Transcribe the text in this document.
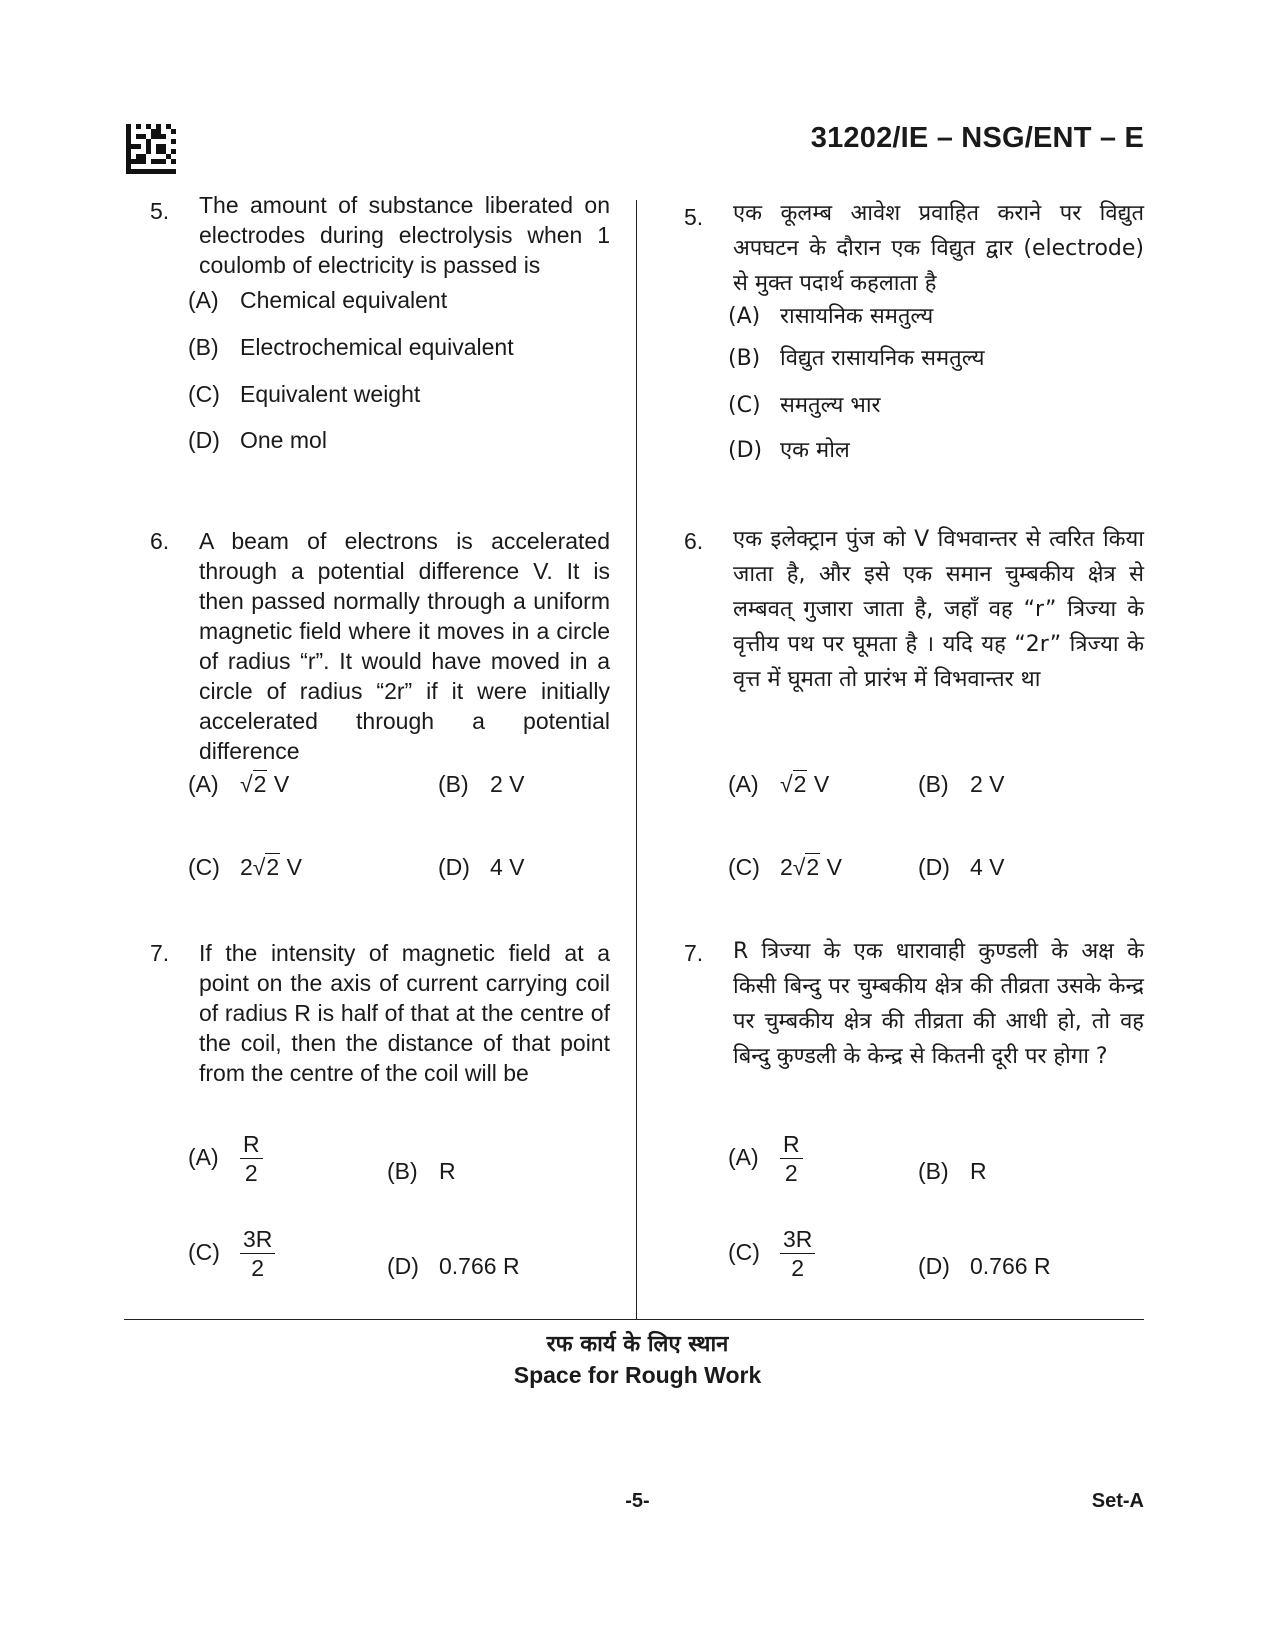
31202/IE – NSG/ENT – E
5. The amount of substance liberated on electrodes during electrolysis when 1 coulomb of electricity is passed is
(A) Chemical equivalent
(B) Electrochemical equivalent
(C) Equivalent weight
(D) One mol
6. A beam of electrons is accelerated through a potential difference V. It is then passed normally through a uniform magnetic field where it moves in a circle of radius “r”. It would have moved in a circle of radius “2r” if it were initially accelerated through a potential difference
(A) √2 V	(B) 2 V
(C) 2√2 V	(D) 4 V
7. If the intensity of magnetic field at a point on the axis of current carrying coil of radius R is half of that at the centre of the coil, then the distance of that point from the centre of the coil will be
$(A) \frac{R}{2}$	(B) R
$(C) \frac{3R}{2}$	(D) 0.766 R
5. एक कूलम्ब आवेश प्रवाहित कराने पर विद्युत अपघटन के दौरान एक विद्युत द्वार (electrode) से मुक्त पदार्थ कहलाता है
(A) रासायनिक समतुल्य
(B) विद्युत रासायनिक समतुल्य
(C) समतुल्य भार
(D) एक मोल
6. एक इलेक्ट्रान पुंज को V विभवान्तर से त्वरित किया जाता है, और इसे एक समान चुम्बकीय क्षेत्र से लम्बवत् गुजारा जाता है, जहाँ वह “r” त्रिज्या के वृत्तीय पथ पर घूमता है । यदि यह “2r” त्रिज्या के वृत्त में घूमता तो प्रारंभ में विभवान्तर था
(A) √2 V	(B) 2 V
(C) 2√2 V	(D) 4 V
7. R त्रिज्या के एक धारावाही कुण्डली के अक्ष के किसी बिन्दु पर चुम्बकीय क्षेत्र की तीव्रता उसके केन्द्र पर चुम्बकीय क्षेत्र की तीव्रता की आधी हो, तो वह बिन्दु कुण्डली के केन्द्र से कितनी दूरी पर होगा ?
$(A) \frac{R}{2}$	(B) R
$(C) \frac{3R}{2}$	(D) 0.766 R
रफ कार्य के लिए स्थान
Space for Rough Work
-5-	Set-A
